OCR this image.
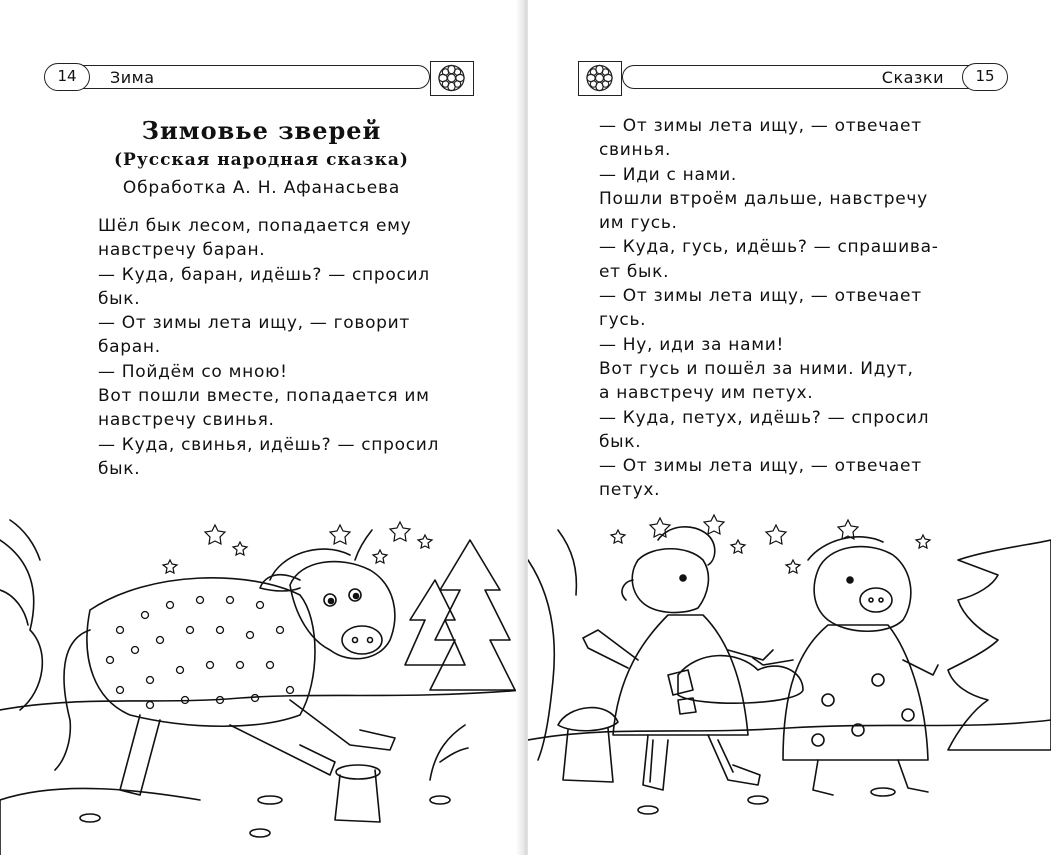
14	Зима
Зимовье зверей
(Русская народная сказка)
Обработка А. Н. Афанасьева

Шёл бык лесом, попадается ему

навстречу баран.

— Куда, баран, идёшь? — спросил

бык.

— От зимы лета ищу, — говорит

баран.

— Пойдём со мною!

Вот пошли вместе, попадается им

навстречу свинья.

— Куда, свинья, идёшь? — спросил

бык.

15
Сказки

— От зимы лета ищу, — отвечает

свинья.

— Иди с нами.

Пошли втроём дальше, навстречу

им гусь.

— Куда, гусь, идёшь? — спрашива-

ет бык.

— От зимы лета ищу, — отвечает

гусь.

— Ну, иди за нами!

Вот гусь и пошёл за ними. Идут,

а навстречу им петух.

— Куда, петух, идёшь? — спросил

бык.

— От зимы лета ищу, — отвечает

петух.
